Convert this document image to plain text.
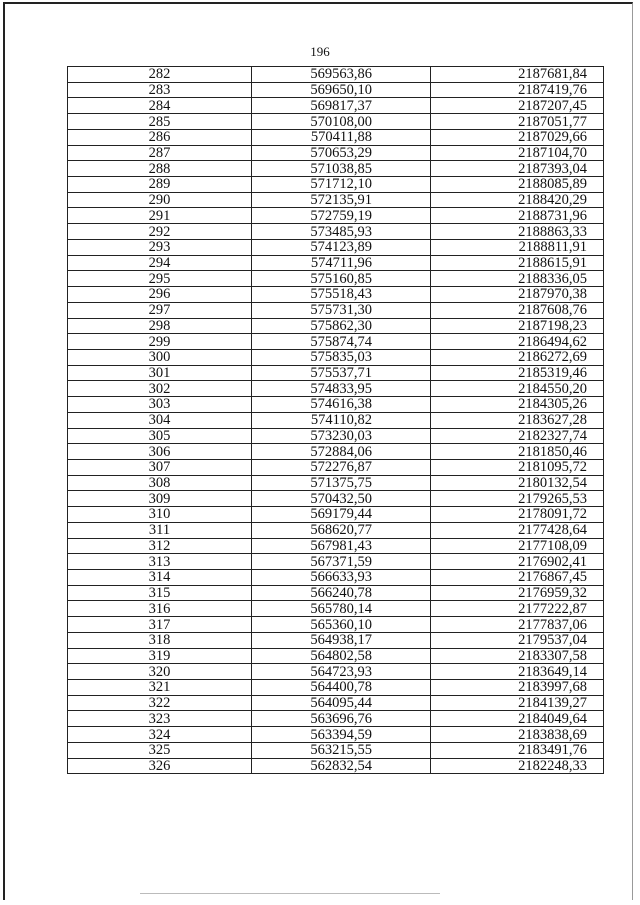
196
282	569563,86	2187681,84
283	569650,10	2187419,76
284	569817,37	2187207,45
285	570108,00	2187051,77
286	570411,88	2187029,66
287	570653,29	2187104,70
288	571038,85	2187393,04
289	571712,10	2188085,89
290	572135,91	2188420,29
291	572759,19	2188731,96
292	573485,93	2188863,33
293	574123,89	2188811,91
294	574711,96	2188615,91
295	575160,85	2188336,05
296	575518,43	2187970,38
297	575731,30	2187608,76
298	575862,30	2187198,23
299	575874,74	2186494,62
300	575835,03	2186272,69
301	575537,71	2185319,46
302	574833,95	2184550,20
303	574616,38	2184305,26
304	574110,82	2183627,28
305	573230,03	2182327,74
306	572884,06	2181850,46
307	572276,87	2181095,72
308	571375,75	2180132,54
309	570432,50	2179265,53
310	569179,44	2178091,72
311	568620,77	2177428,64
312	567981,43	2177108,09
313	567371,59	2176902,41
314	566633,93	2176867,45
315	566240,78	2176959,32
316	565780,14	2177222,87
317	565360,10	2177837,06
318	564938,17	2179537,04
319	564802,58	2183307,58
320	564723,93	2183649,14
321	564400,78	2183997,68
322	564095,44	2184139,27
323	563696,76	2184049,64
324	563394,59	2183838,69
325	563215,55	2183491,76
326	562832,54	2182248,33
